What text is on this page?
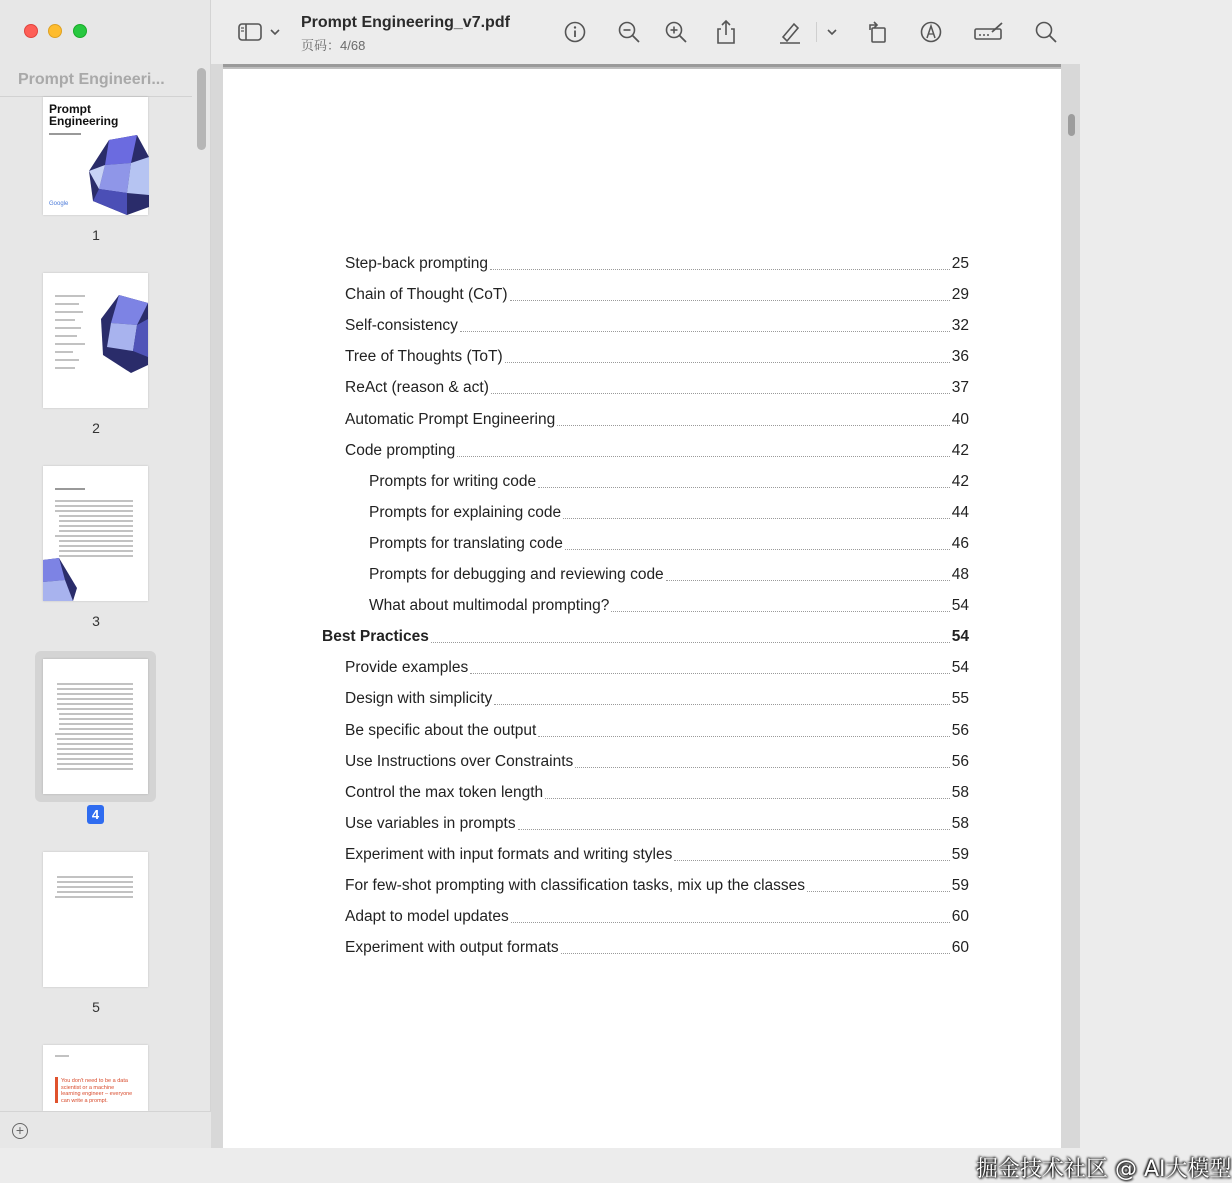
Prompt Engineeri...
Prompt
Engineering
Google
1
2
3
4
5
You don't need to be a data scientist or a machine learning engineer – everyone can write a prompt.
+
Prompt Engineering_v7.pdf
页码：4/68
Step-back prompting	25
Chain of Thought (CoT)	29
Self-consistency	32
Tree of Thoughts (ToT)	36
ReAct (reason & act)	37
Automatic Prompt Engineering	40
Code prompting	42
Prompts for writing code	42
Prompts for explaining code	44
Prompts for translating code	46
Prompts for debugging and reviewing code	48
What about multimodal prompting?	54
Best Practices	54
Provide examples	54
Design with simplicity	55
Be specific about the output	56
Use Instructions over Constraints	56
Control the max token length	58
Use variables in prompts	58
Experiment with input formats and writing styles	59
For few-shot prompting with classification tasks, mix up the classes	59
Adapt to model updates	60
Experiment with output formats	60
掘金技术社区 @ AI大模型
